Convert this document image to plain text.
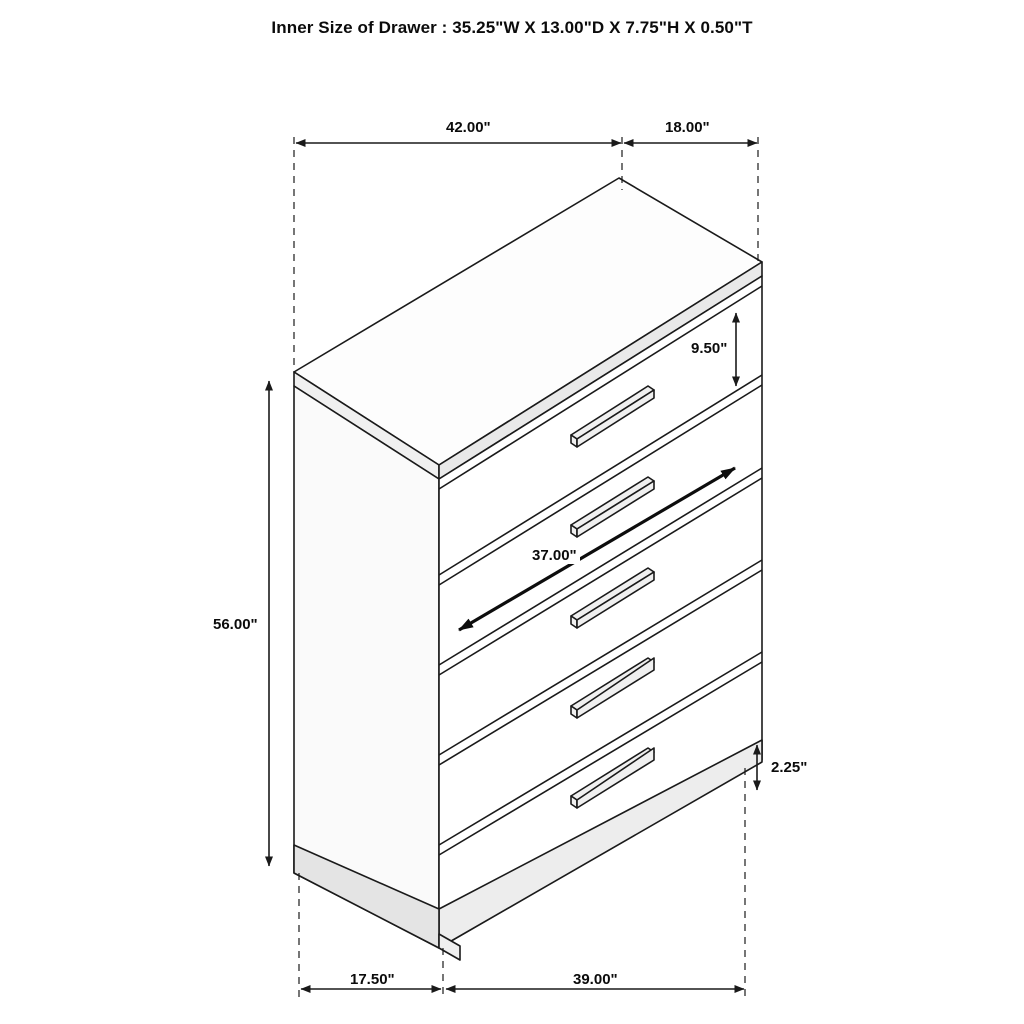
Inner Size of Drawer : 35.25"W X 13.00"D X 7.75"H X 0.50"T
42.00"	18.00"
9.50"
56.00"
37.00"
2.25"
17.50"	39.00"
